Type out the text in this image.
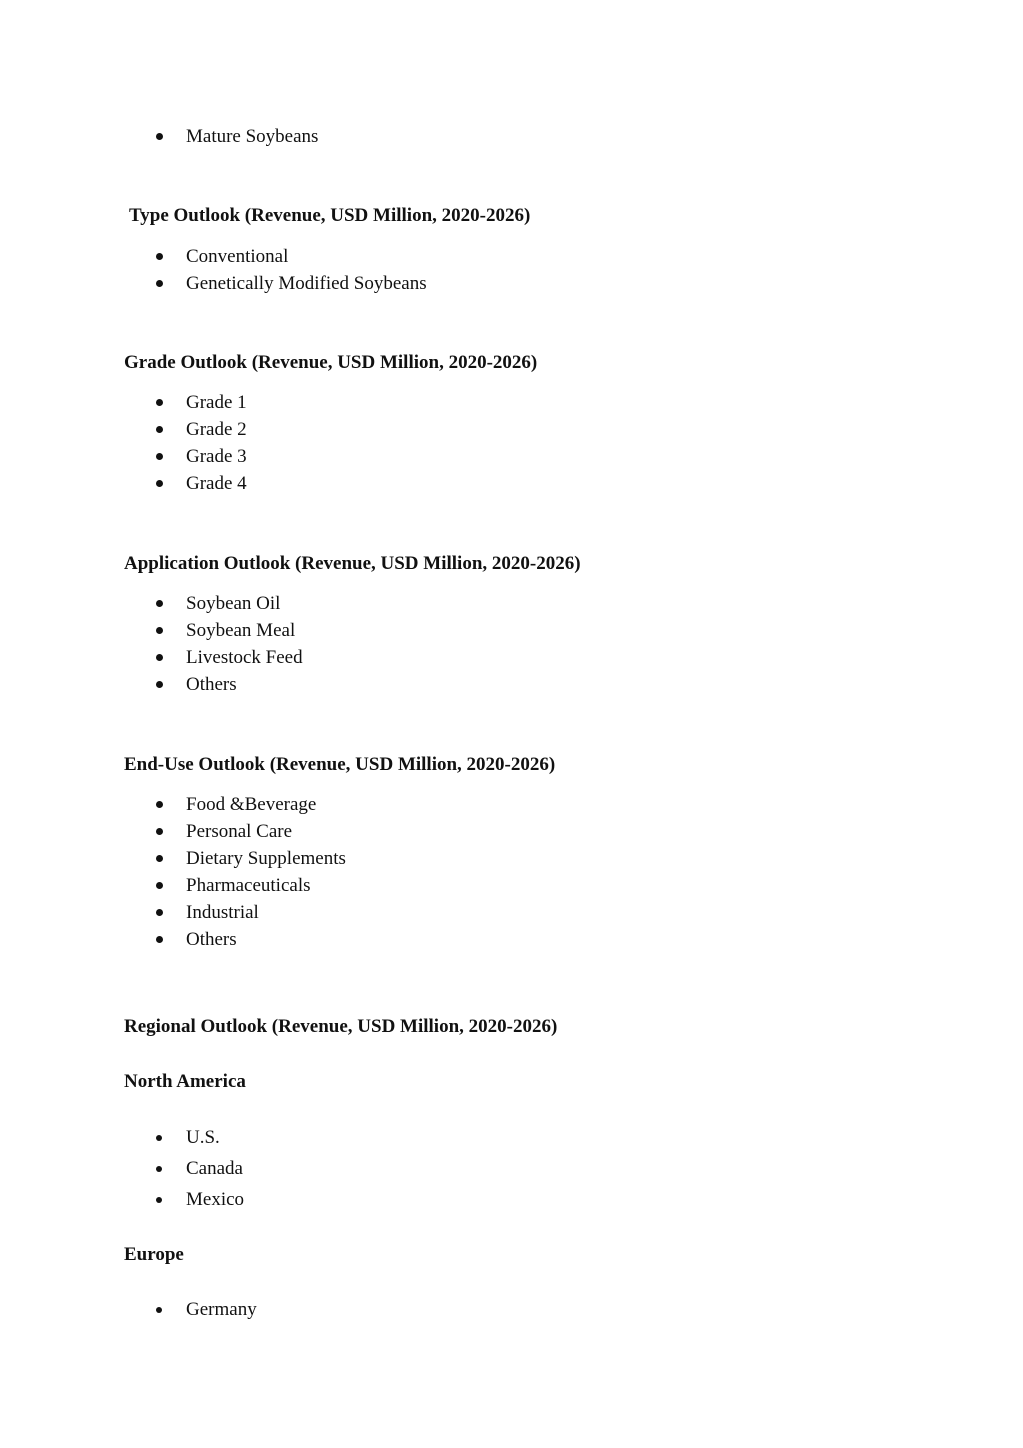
Mature Soybeans
Type Outlook (Revenue, USD Million, 2020-2026)
Conventional
Genetically Modified Soybeans
Grade Outlook (Revenue, USD Million, 2020-2026)
Grade 1
Grade 2
Grade 3
Grade 4
Application Outlook (Revenue, USD Million, 2020-2026)
Soybean Oil
Soybean Meal
Livestock Feed
Others
End-Use Outlook (Revenue, USD Million, 2020-2026)
Food &Beverage
Personal Care
Dietary Supplements
Pharmaceuticals
Industrial
Others
Regional Outlook (Revenue, USD Million, 2020-2026)
North America
U.S.
Canada
Mexico
Europe
Germany
